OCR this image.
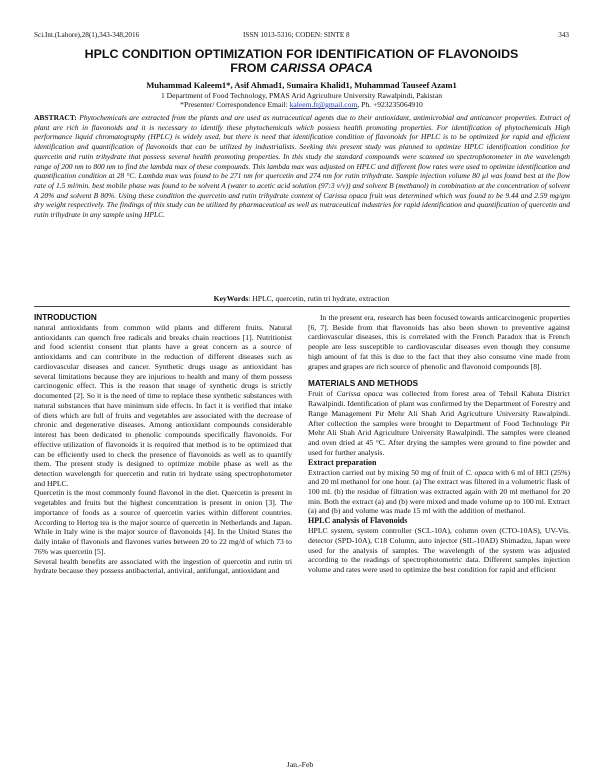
Sci.Int.(Lahore),28(1),343-348,2016	ISSN 1013-5316; CODEN: SINTE 8	343
HPLC CONDITION OPTIMIZATION FOR IDENTIFICATION OF FLAVONOIDS
FROM CARISSA OPACA
Muhammad Kaleem1*, Asif Ahmad1, Sumaira Khalid1, Muhammad Tauseef Azam1
1 Department of Food Technology, PMAS Arid Agriculture University Rawalpindi, Pakistan
*Presenter/ Correspondence Email: kaleem.ft@gmail.com, Ph. +923235064910
ABSTRACT: Phytochemicals are extracted from the plants and are used as nutraceutical agents due to their antioxidant, antimicrobial and anticancer properties. Extract of plant are rich in flavonoids and it is necessary to identify these phytochemicals which possess health promoting properties. For identification of phytochemicals High performance liquid chromatography (HPLC) is widely used, but there is need that identification condition of flavonoids for HPLC is to be optimized for rapid and efficient identification and quantification of flavonoids that can be utilized by industrialists. Seeking this present study was planned to optimize HPLC identification condition for quercetin and rutin trihydrate that possess several health promoting properties. In this study the standard compounds were scanned on spectrophotometer in the wavelength range of 200 nm to 800 nm to find the lambda max of these compounds. This lambda max was adjusted on HPLC and different flow rates were used to optimize identification and quantification condition at 28 °C. Lambda max was found to be 271 nm for quercetin and 274 nm for rutin trihydrate. Sample injection volume 80 µl was found best at the flow rate of 1.5 ml/min. best mobile phase was found to be solvent A (water to acetic acid solution (97:3 v/v)) and solvent B (methanol) in combination at the concentration of solvent A 20% and solvent B 80%. Using these condition the quercetin and rutin trihydrate content of Carissa opaca fruit was determined which was found to be 9.44 and 2.59 mg/gm dry weight respectively. The findings of this study can be utilized by pharmaceutical as well as nutraceutical industries for rapid identification and quantification of quercetin and rutin trihydrate in any sample using HPLC.
KeyWords: HPLC, quercetin, rutin tri hydrate, extraction
INTRODUCTION

natural antioxidants from common wild plants and different fruits. Natural antioxidants can quench free radicals and breaks chain reactions [1]. Nutritionist and food scientist consent that plants have a great concern as a source of antioxidants and can contribute in the reduction of different diseases such as cardiovascular diseases and cancer. Synthetic drugs usage as antioxidant has several limitations because they are injurious to health and many of them possess carcinogenic effect. This is the reason that usage of synthetic drugs is strictly documented [2]. So it is the need of time to replace these synthetic substances with natural substances that have minimum side effects. In fact it is verified that intake of diets which are full of fruits and vegetables are associated with the decrease of chronic and degenerative diseases. Among antioxidant compounds considerable interest has been dedicated to phenolic compounds specifically flavonoids. For effective utilization of flavonoids it is required that method is to be optimized that can be efficiently used to check the presence of flavonoids as well as to quantify them. The present study is designed to optimize mobile phase as well as the detection wavelength for quercetin and rutin tri hydrate using spectrophotometer and HPLC.

Quercetin is the most commonly found flavonol in the diet. Quercetin is present in vegetables and fruits but the highest concentration is present in onion [3]. The importance of foods as a source of quercetin varies within different countries. According to Hertog tea is the major source of quercetin in Netherlands and Japan. While in Italy wine is the major source of flavonoids [4]. In the United States the daily intake of flavonols and flavones varies between 20 to 22 mg/d of which 73 to 76% was quercetin [5].

Several health benefits are associated with the ingestion of quercetin and rutin tri hydrate because they possess antibacterial, antiviral, antifungal, antioxidant and

In the present era, research has been focused towards anticarcinogenic properties [6, 7]. Beside from that flavonoids has also been shown to preventive against cardiovascular diseases, this is correlated with the French Paradox that is French people are less susceptible to cardiovascular diseases even though they consume high amount of fat this is due to the fact that they also consume vine made from grapes and grapes are rich source of phenolic and flavonoid compounds [8].

MATERIALS AND METHODS

Fruit of Carissa opaca was collected from forest area of Tehsil Kahuta District Rawalpindi. Identification of plant was confirmed by the Department of Forestry and Range Management Pir Mehr Ali Shah Arid Agriculture University Rawalpindi. After collection the samples were brought to Department of Food Technology Pir Mehr Ali Shah Arid Agriculture University Rawalpindi. The samples were cleaned and oven dried at 45 °C. After drying the samples were ground to fine powder and used for further analysis.

Extract preparation

Extraction carried out by mixing 50 mg of fruit of C. opaca with 6 ml of HCl (25%) and 20 ml methanol for one hour. (a) The extract was filtered in a volumetric flask of 100 ml. (b) the residue of filtration was extracted again with 20 ml methanol for 20 min. Both the extract (a) and (b) were mixed and made volume up to 100 ml. Extract (a) and (b) and volume was made 15 ml with the addition of methanol.

HPLC analysis of Flavonoids

HPLC system, system controller (SCL-10A), column oven (CTO-10AS), UV-Vis. detector (SPD-10A), C18 Column, auto injector (SIL-10AD) Shimadzu, Japan were used for the analysis of samples. The wavelength of the system was adjusted according to the readings of spectrophotometric data. Different samples injection volume and rates were used to optimize the best condition for rapid and efficient

Jan.-Feb
